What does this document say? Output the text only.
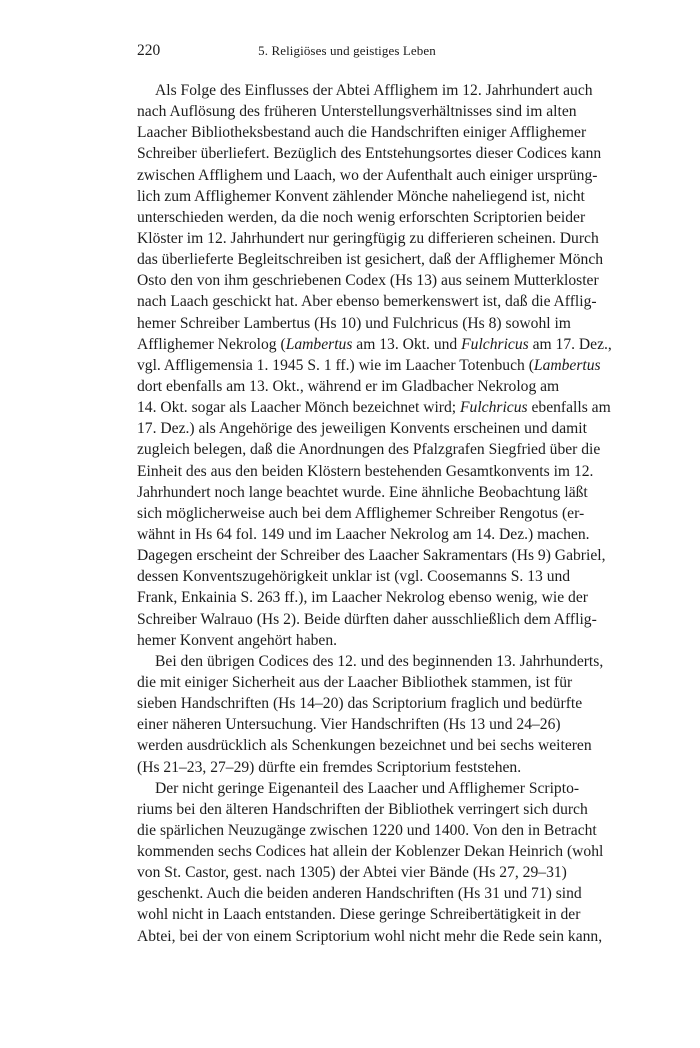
220	5. Religiöses und geistiges Leben
Als Folge des Einflusses der Abtei Afflighem im 12. Jahrhundert auch
nach Auflösung des früheren Unterstellungsverhältnisses sind im alten
Laacher Bibliotheksbestand auch die Handschriften einiger Afflighemer
Schreiber überliefert. Bezüglich des Entstehungsortes dieser Codices kann
zwischen Afflighem und Laach, wo der Aufenthalt auch einiger ursprüng-
lich zum Afflighemer Konvent zählender Mönche naheliegend ist, nicht
unterschieden werden, da die noch wenig erforschten Scriptorien beider
Klöster im 12. Jahrhundert nur geringfügig zu differieren scheinen. Durch
das überlieferte Begleitschreiben ist gesichert, daß der Afflighemer Mönch
Osto den von ihm geschriebenen Codex (Hs 13) aus seinem Mutterkloster
nach Laach geschickt hat. Aber ebenso bemerkenswert ist, daß die Afflig-
hemer Schreiber Lambertus (Hs 10) und Fulchricus (Hs 8) sowohl im
Afflighemer Nekrolog (Lambertus am 13. Okt. und Fulchricus am 17. Dez.,
vgl. Affligemensia 1. 1945 S. 1 ff.) wie im Laacher Totenbuch (Lambertus
dort ebenfalls am 13. Okt., während er im Gladbacher Nekrolog am
14. Okt. sogar als Laacher Mönch bezeichnet wird; Fulchricus ebenfalls am
17. Dez.) als Angehörige des jeweiligen Konvents erscheinen und damit
zugleich belegen, daß die Anordnungen des Pfalzgrafen Siegfried über die
Einheit des aus den beiden Klöstern bestehenden Gesamtkonvents im 12.
Jahrhundert noch lange beachtet wurde. Eine ähnliche Beobachtung läßt
sich möglicherweise auch bei dem Afflighemer Schreiber Rengotus (er-
wähnt in Hs 64 fol. 149 und im Laacher Nekrolog am 14. Dez.) machen.
Dagegen erscheint der Schreiber des Laacher Sakramentars (Hs 9) Gabriel,
dessen Konventszugehörigkeit unklar ist (vgl. Coosemanns S. 13 und
Frank, Enkainia S. 263 ff.), im Laacher Nekrolog ebenso wenig, wie der
Schreiber Walrauo (Hs 2). Beide dürften daher ausschließlich dem Afflig-
hemer Konvent angehört haben.
Bei den übrigen Codices des 12. und des beginnenden 13. Jahrhunderts,
die mit einiger Sicherheit aus der Laacher Bibliothek stammen, ist für
sieben Handschriften (Hs 14–20) das Scriptorium fraglich und bedürfte
einer näheren Untersuchung. Vier Handschriften (Hs 13 und 24–26)
werden ausdrücklich als Schenkungen bezeichnet und bei sechs weiteren
(Hs 21–23, 27–29) dürfte ein fremdes Scriptorium feststehen.
Der nicht geringe Eigenanteil des Laacher und Afflighemer Scripto-
riums bei den älteren Handschriften der Bibliothek verringert sich durch
die spärlichen Neuzugänge zwischen 1220 und 1400. Von den in Betracht
kommenden sechs Codices hat allein der Koblenzer Dekan Heinrich (wohl
von St. Castor, gest. nach 1305) der Abtei vier Bände (Hs 27, 29–31)
geschenkt. Auch die beiden anderen Handschriften (Hs 31 und 71) sind
wohl nicht in Laach entstanden. Diese geringe Schreibertätigkeit in der
Abtei, bei der von einem Scriptorium wohl nicht mehr die Rede sein kann,
